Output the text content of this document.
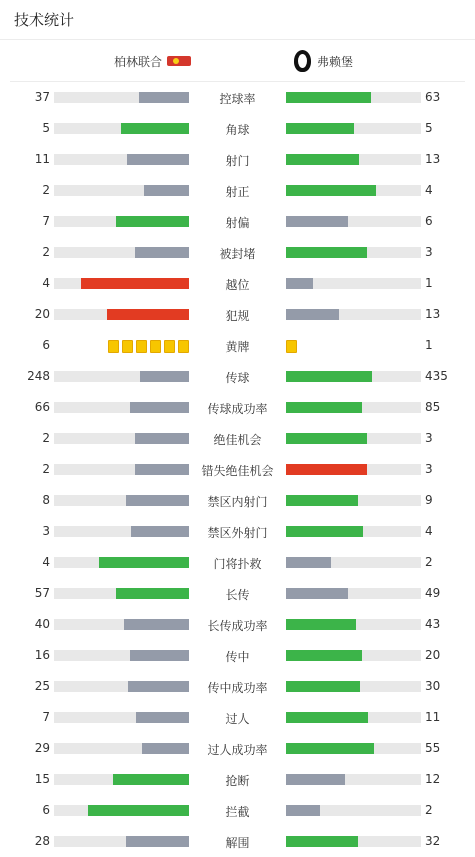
技术统计
柏林联合	弗赖堡
37	控球率	63
5	角球	5
11	射门	13
2	射正	4
7	射偏	6
2	被封堵	3
4	越位	1
20	犯规	13
6	黄牌	1
248	传球	435
66	传球成功率	85
2	绝佳机会	3
2	错失绝佳机会	3
8	禁区内射门	9
3	禁区外射门	4
4	门将扑救	2
57	长传	49
40	长传成功率	43
16	传中	20
25	传中成功率	30
7	过人	11
29	过人成功率	55
15	抢断	12
6	拦截	2
28	解围	32
